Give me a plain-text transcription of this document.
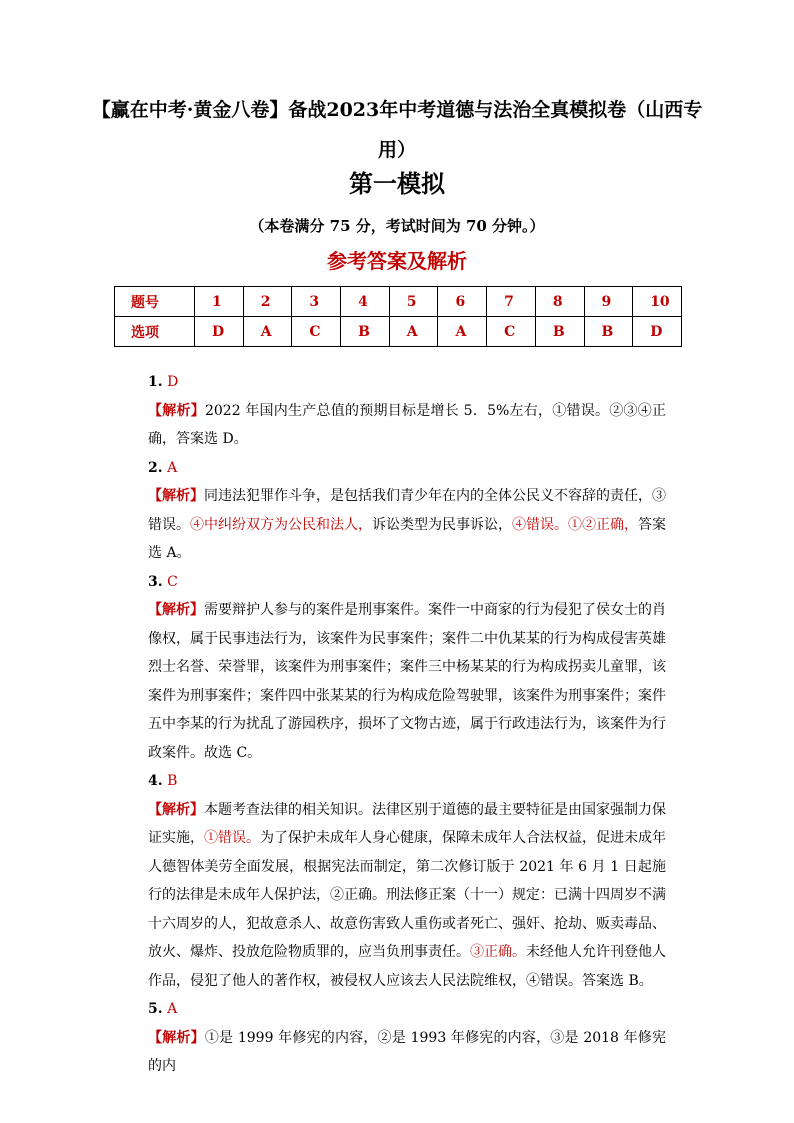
【赢在中考·黄金八卷】备战2023年中考道德与法治全真模拟卷（山西专用）
第一模拟
（本卷满分 75 分，考试时间为 70 分钟。）
参考答案及解析
题号	1	2	3	4	5	6	7	8	9	10
选项	D	A	C	B	A	A	C	B	B	D

1. D

【解析】2022 年国内生产总值的预期目标是增长 5．5%左右，①错误。②③④正确，答案选 D。

2. A

【解析】同违法犯罪作斗争，是包括我们青少年在内的全体公民义不容辞的责任，③错误。④中纠纷双方为公民和法人，诉讼类型为民事诉讼，④错误。①②正确，答案选 A。

3. C

【解析】需要辩护人参与的案件是刑事案件。案件一中商家的行为侵犯了侯女士的肖像权，属于民事违法行为，该案件为民事案件；案件二中仇某某的行为构成侵害英雄烈士名誉、荣誉罪，该案件为刑事案件；案件三中杨某某的行为构成拐卖儿童罪，该案件为刑事案件；案件四中张某某的行为构成危险驾驶罪，该案件为刑事案件；案件五中李某的行为扰乱了游园秩序，损坏了文物古迹，属于行政违法行为，该案件为行政案件。故选 C。

4. B

【解析】本题考查法律的相关知识。法律区别于道德的最主要特征是由国家强制力保证实施，①错误。为了保护未成年人身心健康，保障未成年人合法权益，促进未成年人德智体美劳全面发展，根据宪法而制定，第二次修订版于 2021 年 6 月 1 日起施行的法律是未成年人保护法，②正确。刑法修正案（十一）规定：已满十四周岁不满十六周岁的人，犯故意杀人、故意伤害致人重伤或者死亡、强奸、抢劫、贩卖毒品、放火、爆炸、投放危险物质罪的，应当负刑事责任。③正确。未经他人允许刊登他人作品，侵犯了他人的著作权，被侵权人应该去人民法院维权，④错误。答案选 B。

5. A

【解析】①是 1999 年修宪的内容，②是 1993 年修宪的内容，③是 2018 年修宪的内
